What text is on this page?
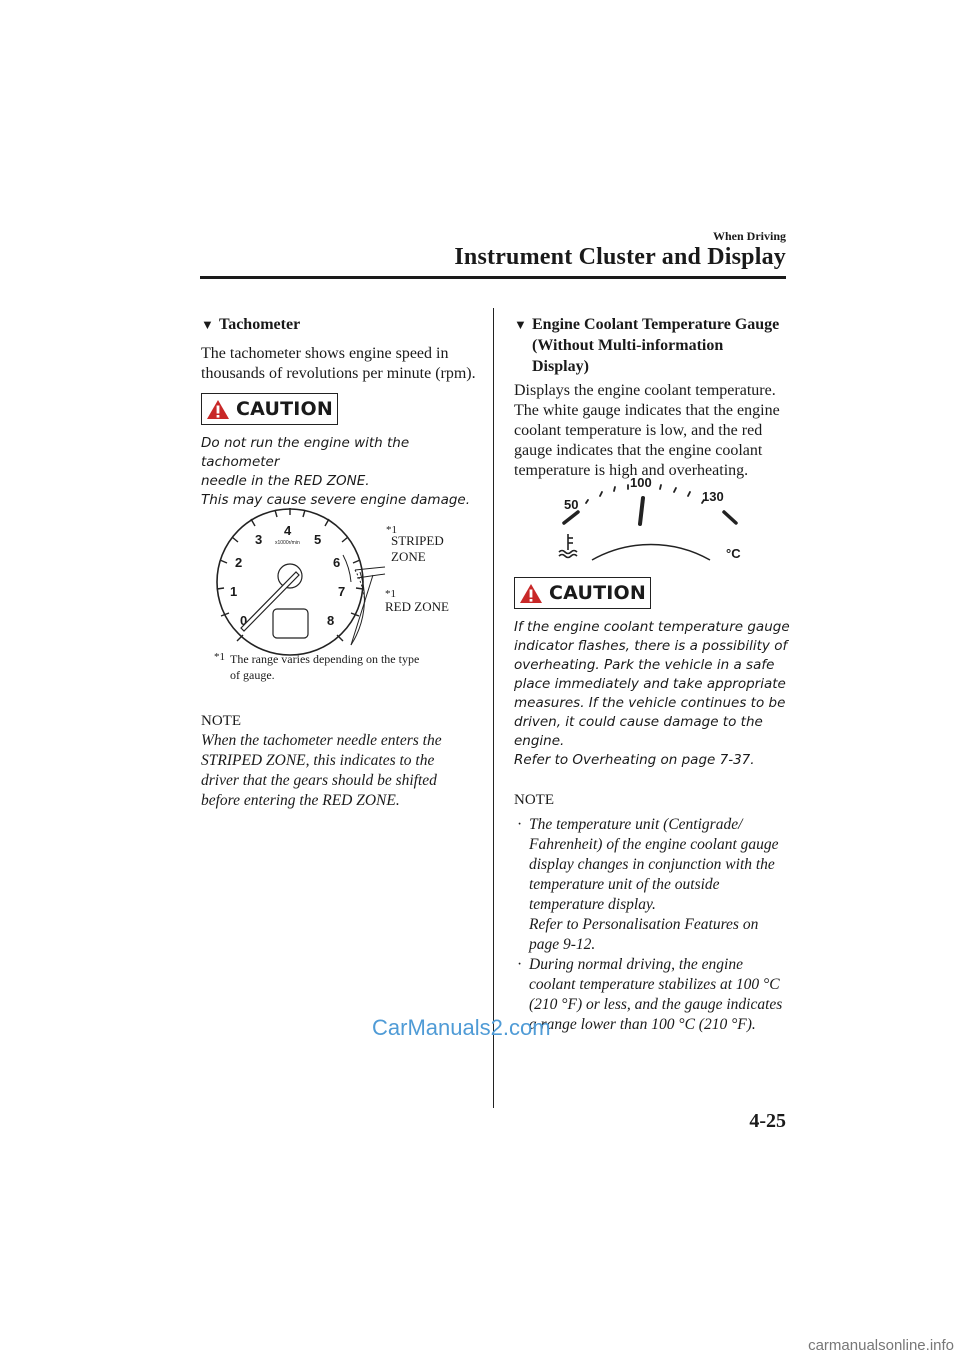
When Driving
Instrument Cluster and Display
▼ Tachometer
The tachometer shows engine speed in thousands of revolutions per minute (rpm).
CAUTION
Do not run the engine with the tachometer
needle in the RED ZONE.
This may cause severe engine damage.
0
1
2
3
4
5
6
7
8
x1000r/min
*1
STRIPED
ZONE
*1
RED ZONE
*1 The range varies depending on the type
of gauge.
NOTE
When the tachometer needle enters the
STRIPED ZONE, this indicates to the
driver that the gears should be shifted
before entering the RED ZONE.
▼ Engine Coolant Temperature Gauge
(Without Multi-information
Display)
Displays the engine coolant temperature.
The white gauge indicates that the engine
coolant temperature is low, and the red
gauge indicates that the engine coolant
temperature is high and overheating.
50
100
130
°C
CAUTION
If the engine coolant temperature gauge
indicator flashes, there is a possibility of
overheating. Park the vehicle in a safe
place immediately and take appropriate
measures. If the vehicle continues to be
driven, it could cause damage to the
engine.
Refer to Overheating on page 7-37.
NOTE
· The temperature unit (Centigrade/
Fahrenheit) of the engine coolant gauge
display changes in conjunction with the
temperature unit of the outside
temperature display.
Refer to Personalisation Features on
page 9-12.
· During normal driving, the engine
coolant temperature stabilizes at 100 °C
(210 °F) or less, and the gauge indicates
a range lower than 100 °C (210 °F).
CarManuals2.com
4-25
carmanualsonline.info
